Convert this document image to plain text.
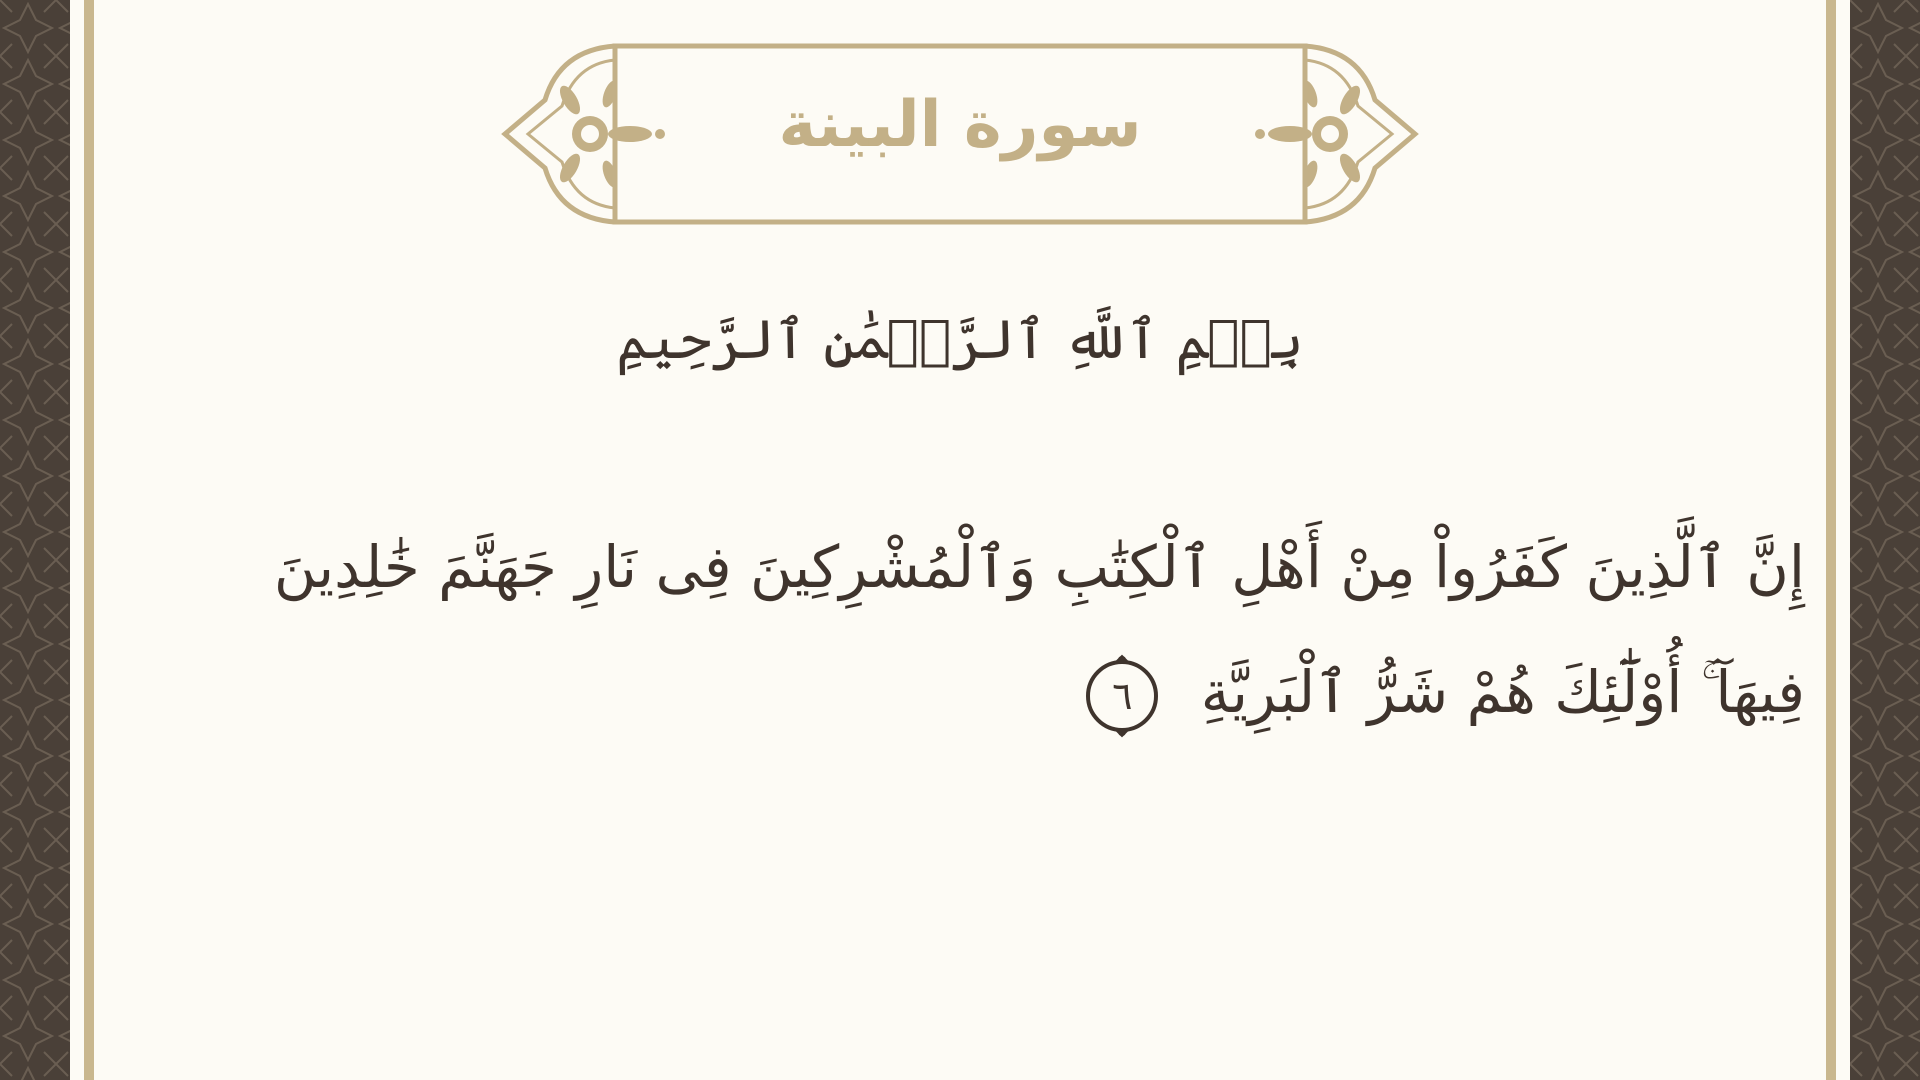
سورة البينة
بِسۡمِ ٱللَّهِ ٱلرَّحۡمَٰنِ ٱلرَّحِيمِ
إِنَّ ٱلَّذِينَ كَفَرُواْ مِنْ أَهْلِ ٱلْكِتَٰبِ وَٱلْمُشْرِكِينَ فِى نَارِ جَهَنَّمَ خَٰلِدِينَ فِيهَآ ۚ أُوْلَٰٓئِكَ هُمْ شَرُّ ٱلْبَرِيَّةِ
٦
